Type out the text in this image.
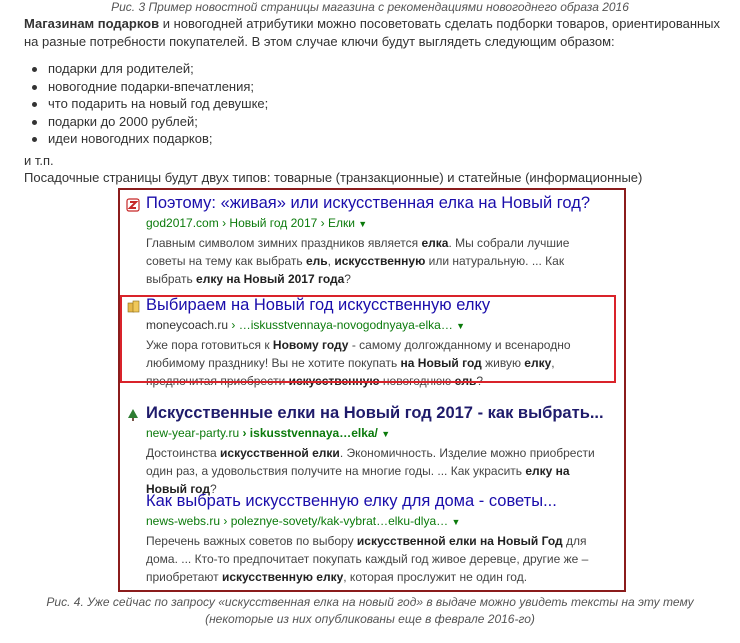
Рис. 3 Пример новостной страницы магазина с рекомендациями новогоднего образа 2016
Магазинам подарков и новогодней атрибутики можно посоветовать сделать подборки товаров, ориентированных на разные потребности покупателей. В этом случае ключи будут выглядеть следующим образом:
подарки для родителей;
новогодние подарки-впечатления;
что подарить на новый год девушке;
подарки до 2000 рублей;
идеи новогодних подарков;
и т.п.
Посадочные страницы будут двух типов: товарные (транзакционные) и статейные (информационные)
Поэтому: «живая» или искусственная елка на Новый год?
god2017.com › Новый год 2017 › Елки ▼
Главным символом зимних праздников является елка. Мы собрали лучшие советы на тему как выбрать ель, искусственную или натуральную. ... Как выбрать елку на Новый 2017 года?
Выбираем на Новый год искусственную елку
moneycoach.ru › …iskusstvennaya-novogodnyaya-elka… ▼
Уже пора готовиться к Новому году - самому долгожданному и всенародно любимому празднику! Вы не хотите покупать на Новый год живую елку, предпочитая приобрести искусственную новогоднюю ель?
Искусственные елки на Новый год 2017 - как выбрать...
new-year-party.ru › iskusstvennaya…elka/ ▼
Достоинства искусственной елки. Экономичность. Изделие можно приобрести один раз, а удовольствия получите на многие годы. ... Как украсить елку на Новый год?
Как выбрать искусственную елку для дома - советы...
news-webs.ru › poleznye-sovety/kak-vybrat…elku-dlya… ▼
Перечень важных советов по выбору искусственной елки на Новый Год для дома. ... Кто-то предпочитает покупать каждый год живое деревце, другие же – приобретают искусственную елку, которая прослужит не один год.
Рис. 4. Уже сейчас по запросу «искусственная елка на новый год» в выдаче можно увидеть тексты на эту тему
(некоторые из них опубликованы еще в феврале 2016-го)
